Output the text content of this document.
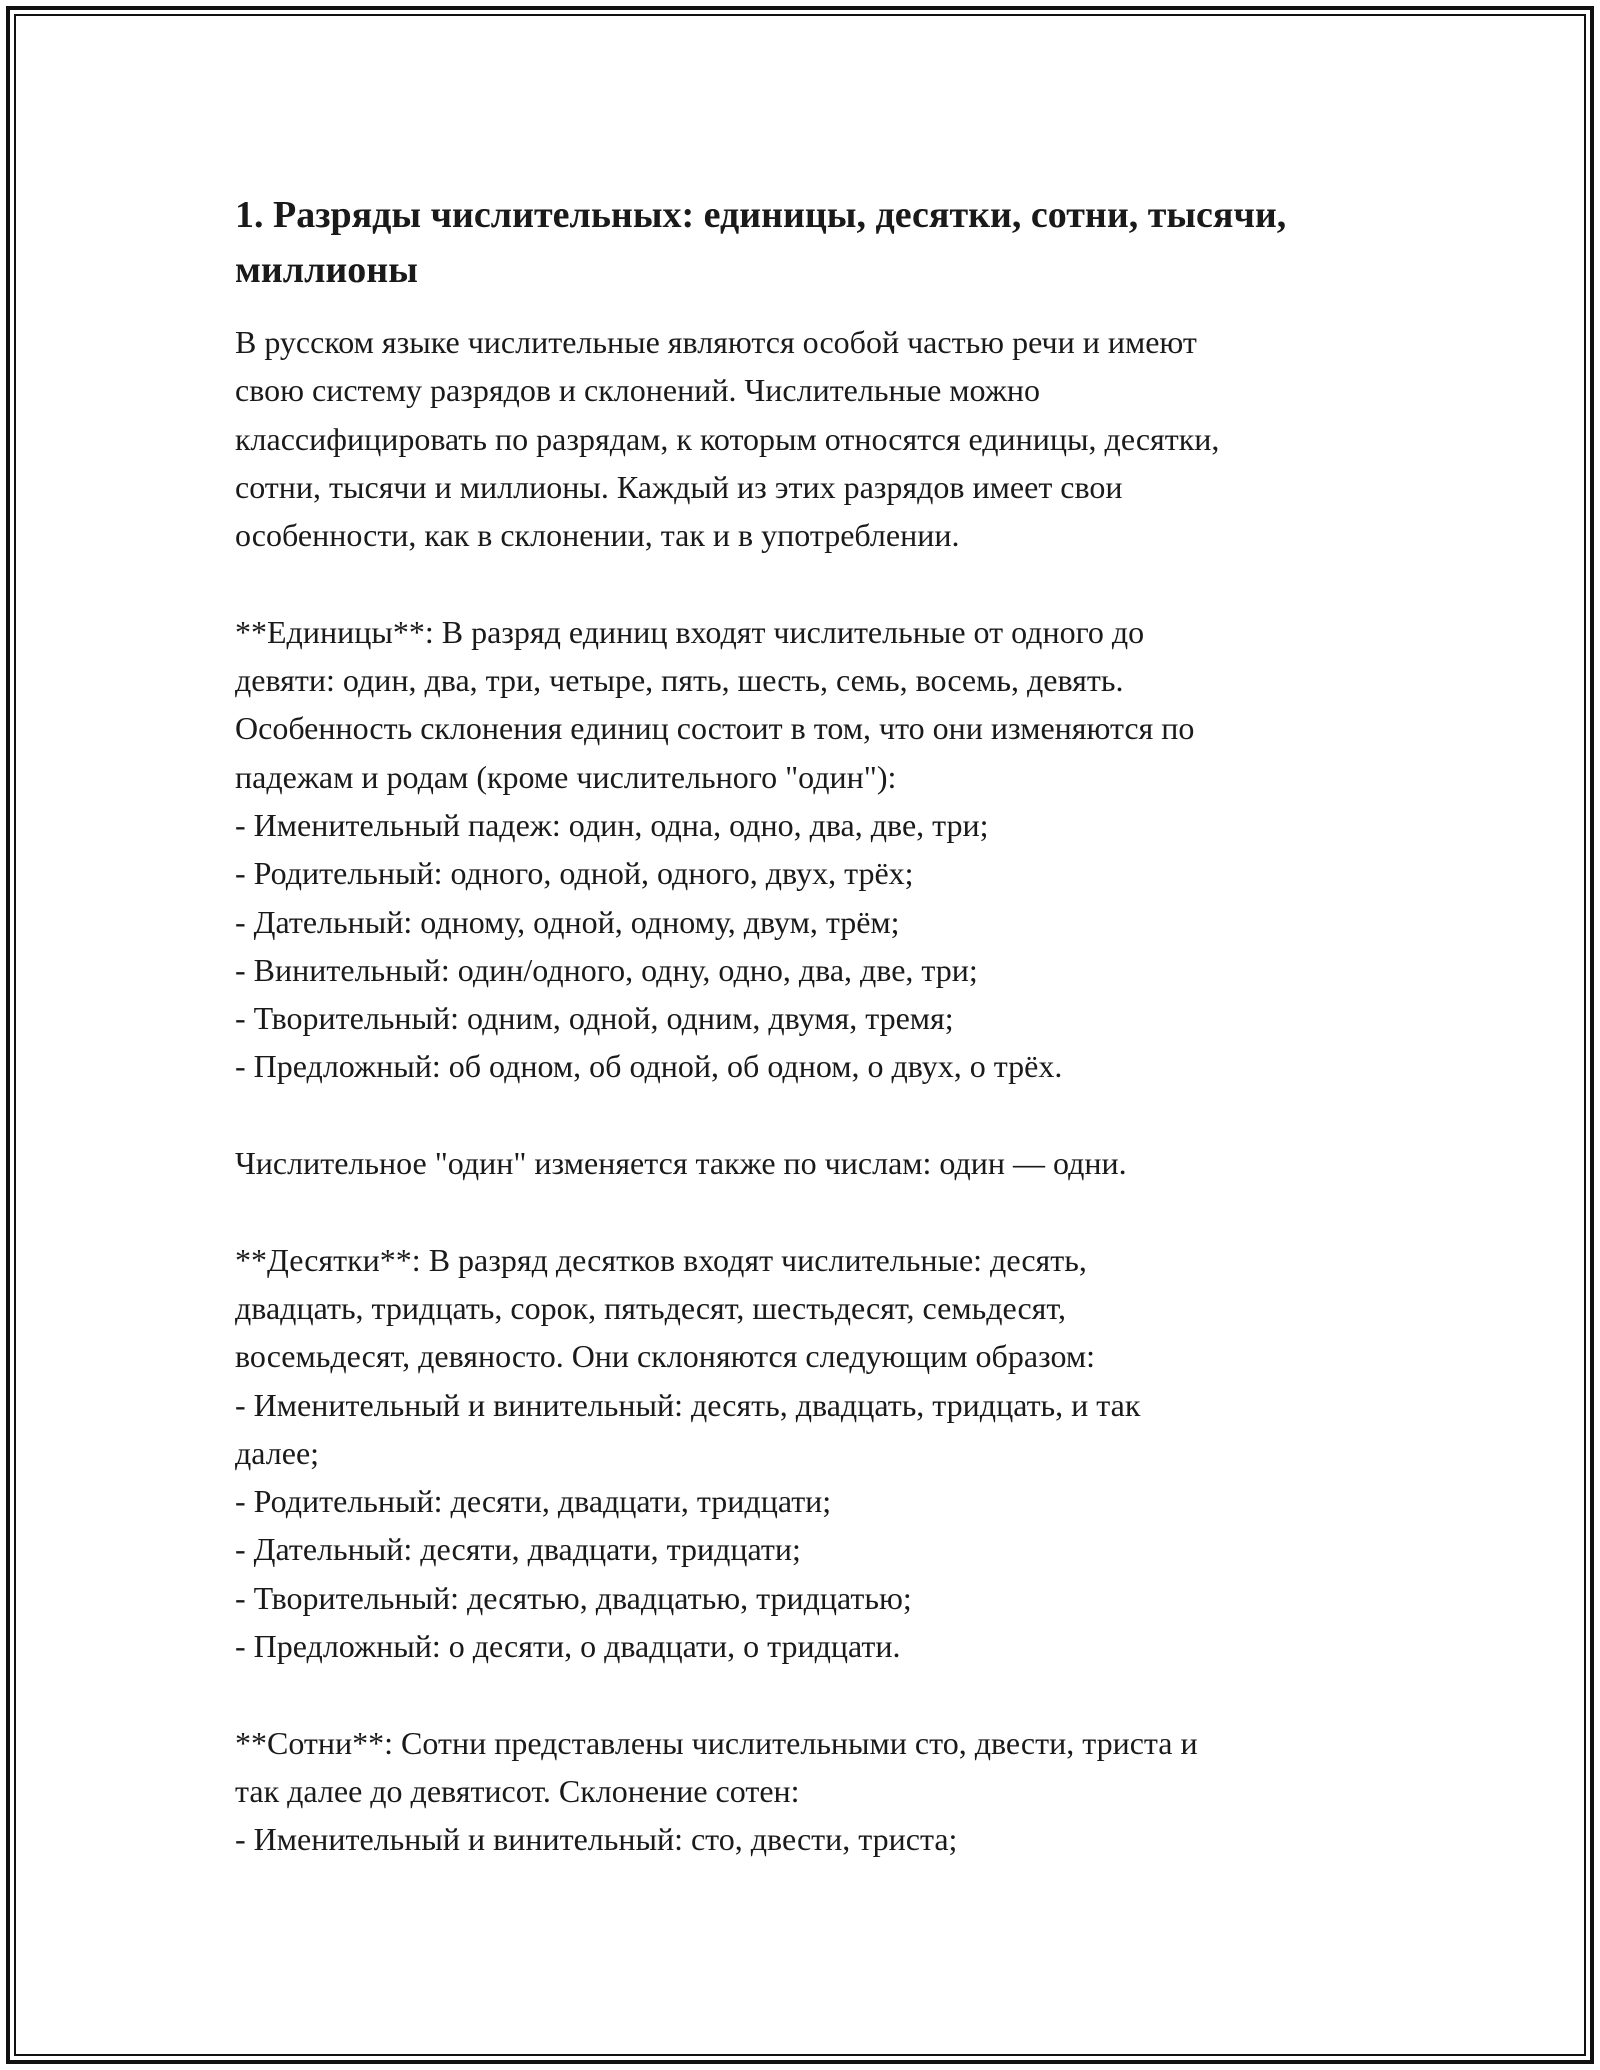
1. Разряды числительных: единицы, десятки, сотни, тысячи, миллионы
В русском языке числительные являются особой частью речи и имеют
свою систему разрядов и склонений. Числительные можно
классифицировать по разрядам, к которым относятся единицы, десятки,
сотни, тысячи и миллионы. Каждый из этих разрядов имеет свои
особенности, как в склонении, так и в употреблении.
**Единицы**: В разряд единиц входят числительные от одного до
девяти: один, два, три, четыре, пять, шесть, семь, восемь, девять.
Особенность склонения единиц состоит в том, что они изменяются по
падежам и родам (кроме числительного "один"):
- Именительный падеж: один, одна, одно, два, две, три;
- Родительный: одного, одной, одного, двух, трёх;
- Дательный: одному, одной, одному, двум, трём;
- Винительный: один/одного, одну, одно, два, две, три;
- Творительный: одним, одной, одним, двумя, тремя;
- Предложный: об одном, об одной, об одном, о двух, о трёх.
Числительное "один" изменяется также по числам: один — одни.
**Десятки**: В разряд десятков входят числительные: десять,
двадцать, тридцать, сорок, пятьдесят, шестьдесят, семьдесят,
восемьдесят, девяносто. Они склоняются следующим образом:
- Именительный и винительный: десять, двадцать, тридцать, и так
далее;
- Родительный: десяти, двадцати, тридцати;
- Дательный: десяти, двадцати, тридцати;
- Творительный: десятью, двадцатью, тридцатью;
- Предложный: о десяти, о двадцати, о тридцати.
**Сотни**: Сотни представлены числительными сто, двести, триста и
так далее до девятисот. Склонение сотен:
- Именительный и винительный: сто, двести, триста;
